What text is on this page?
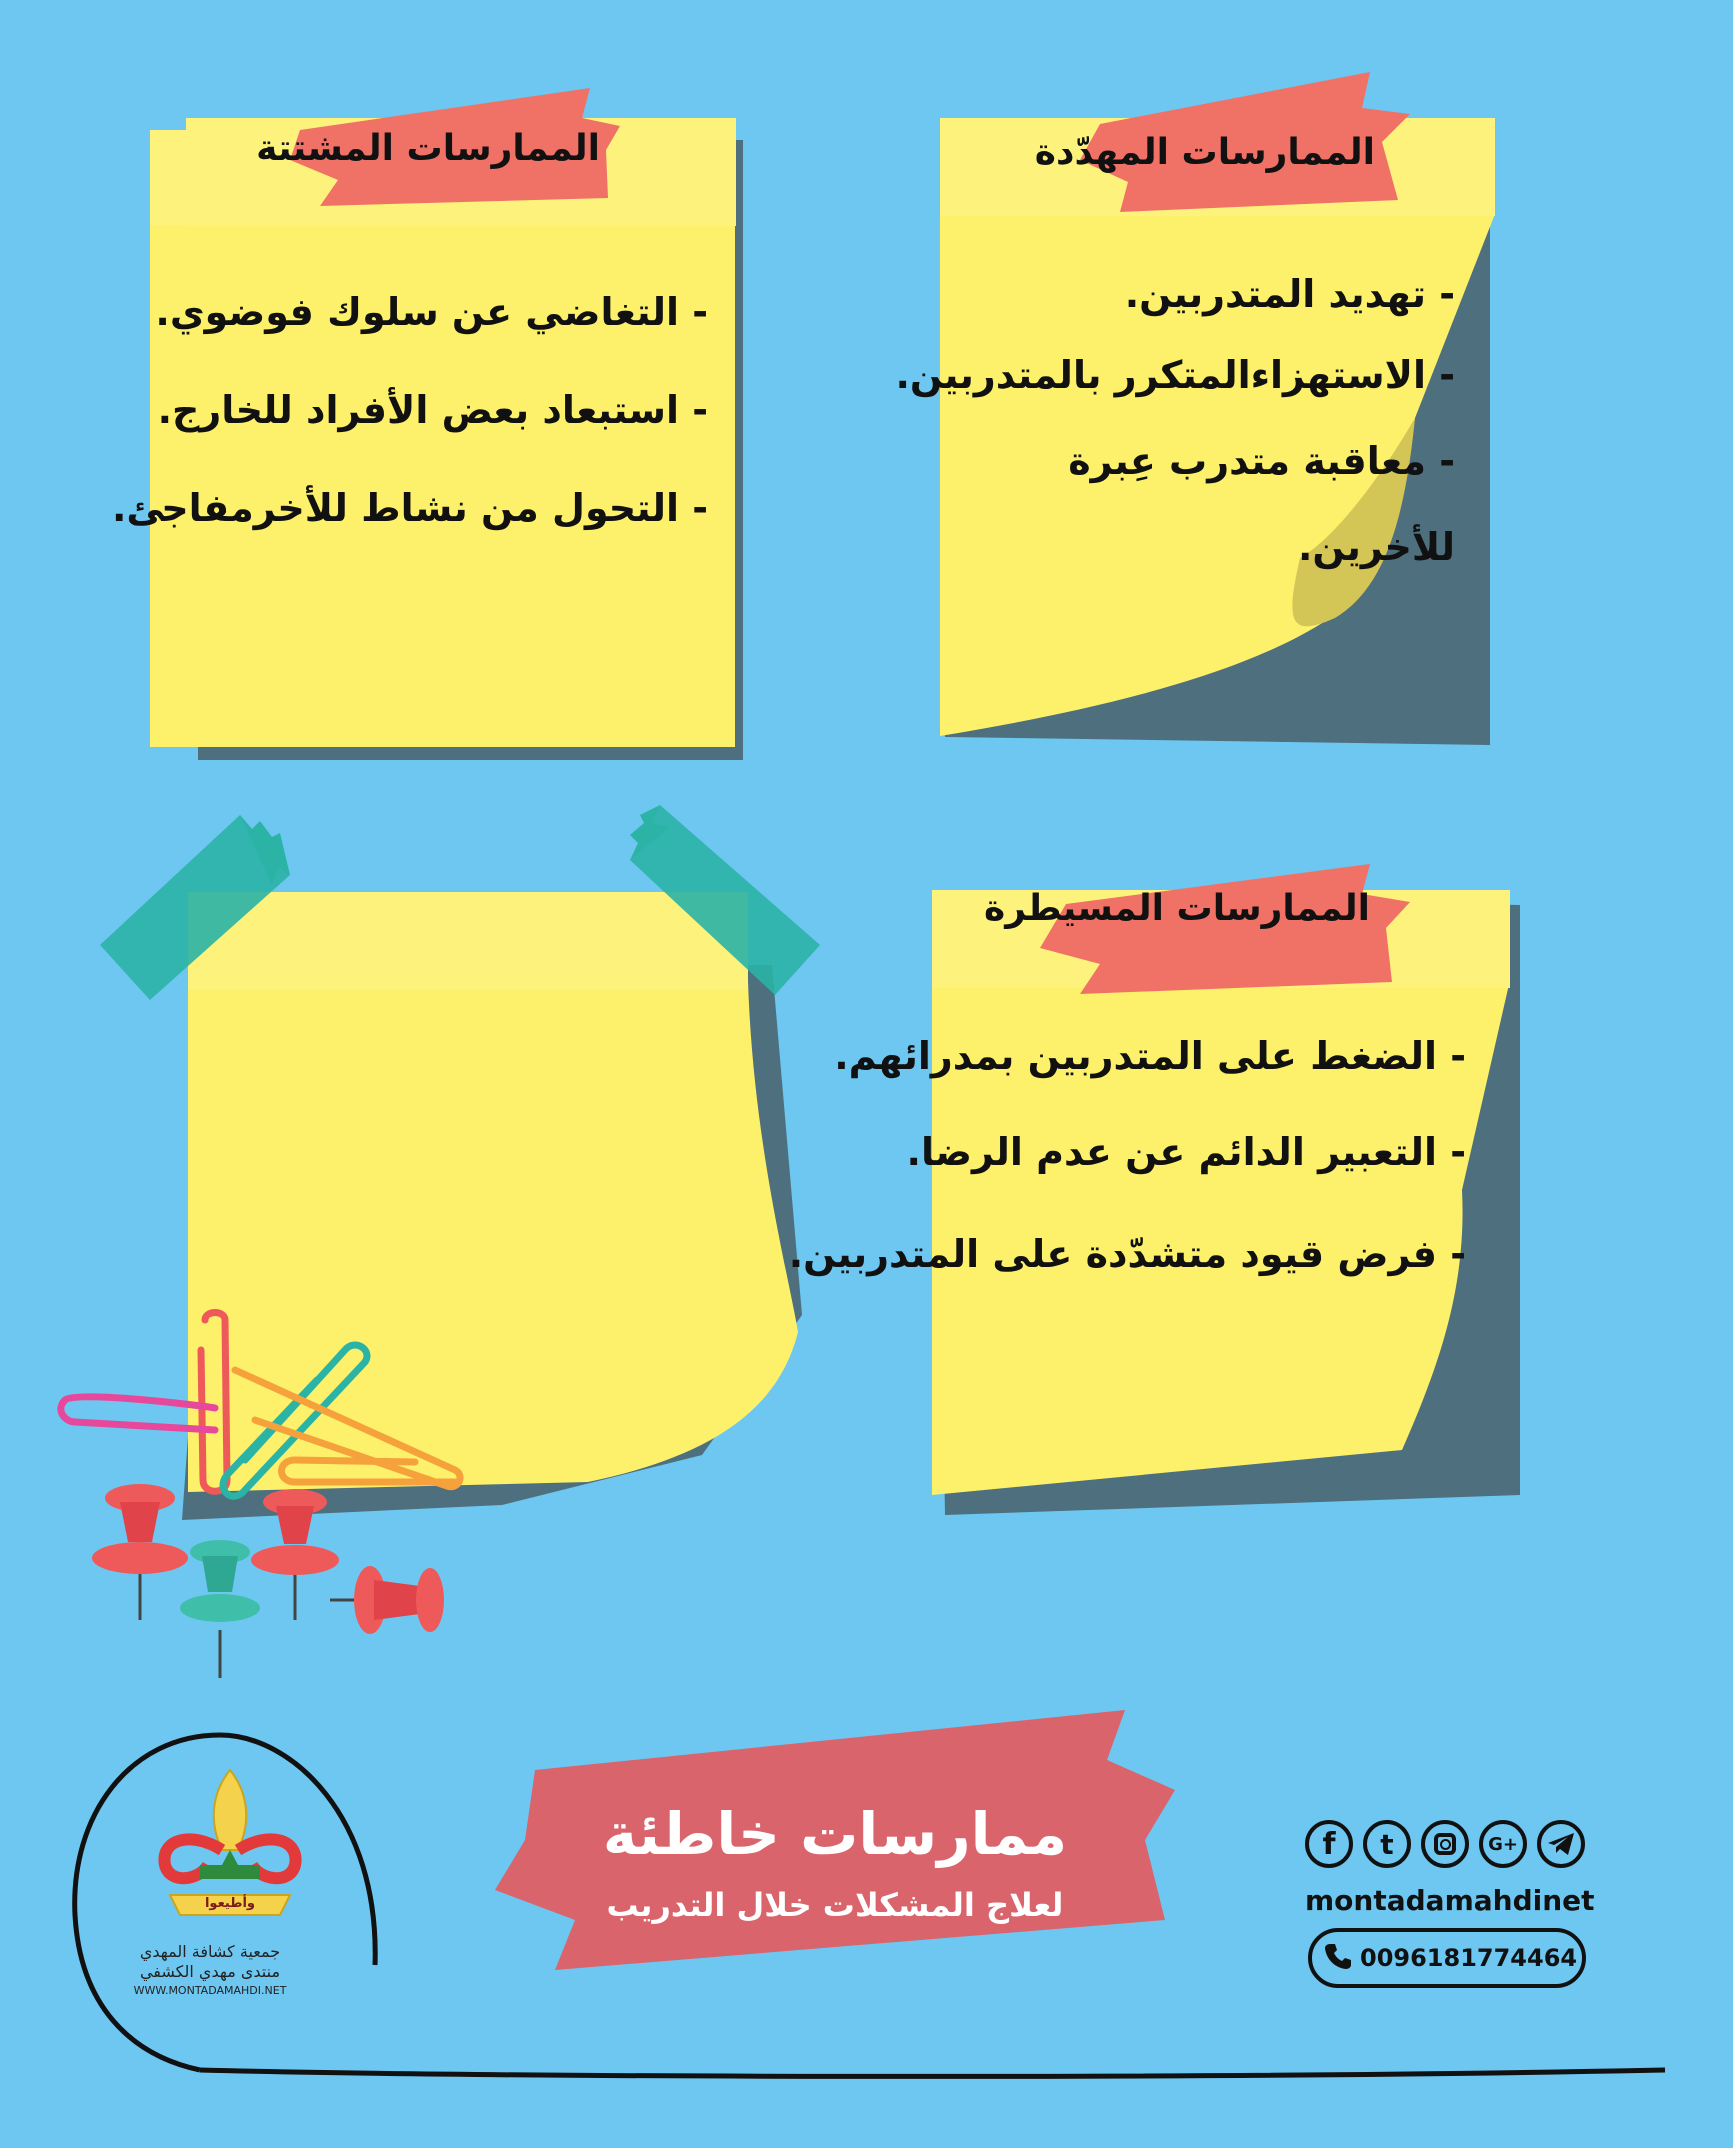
الممارسات المشتتة
- التغاضي عن سلوك فوضوي.
- استبعاد بعض الأفراد للخارج.
- التحول من نشاط للأخرمفاجئ.
الممارسات المهدّدة
- تهديد المتدربين.
- الاستهزاءالمتكرر بالمتدربين.
- معاقبة متدرب عِبرة
للأخرين.
الممارسات المسيطرة
- الضغط على المتدربين بمدرائهم.
- التعبير الدائم عن عدم الرضا.
- فرض قيود متشدّدة على المتدربين.
وأطيعوا
جمعية كشافة المهدي
منتدى مهدي الكشفي
WWW.MONTADAMAHDI.NET
ممارسات خاطئة
لعلاج المشكلات خلال التدريب
f	t	G+
montadamahdinet
0096181774464
